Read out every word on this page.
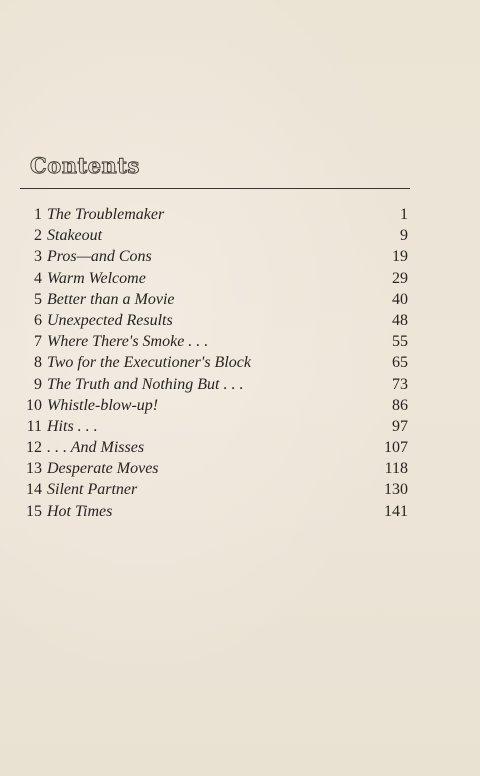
Contents
1 The Troublemaker	1
2 Stakeout	9
3 Pros—and Cons	19
4 Warm Welcome	29
5 Better than a Movie	40
6 Unexpected Results	48
7 Where There's Smoke . . .	55
8 Two for the Executioner's Block	65
9 The Truth and Nothing But . . .	73
10 Whistle-blow-up!	86
11 Hits . . .	97
12 . . . And Misses	107
13 Desperate Moves	118
14 Silent Partner	130
15 Hot Times	141
